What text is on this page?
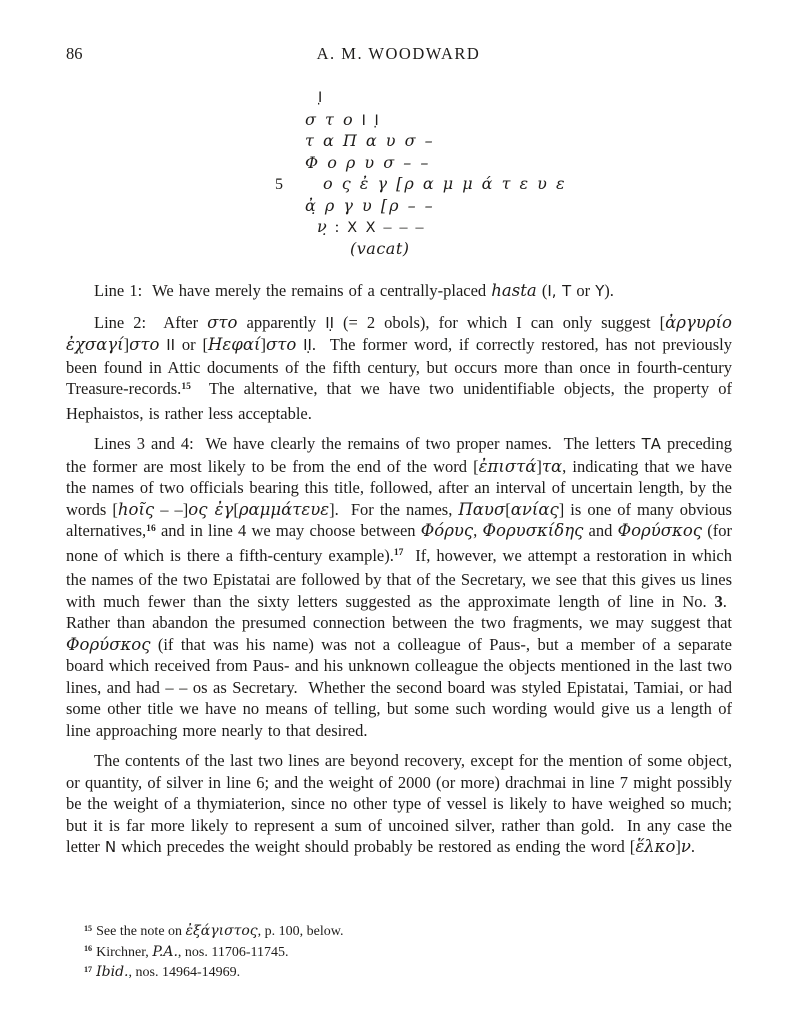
86	A. M. WOODWARD
Ι̣
σ τ ο Ι Ι̣
τ α Π α υ σ –
Φ ο ρ υ σ – –
5	ο ς ἐ γ [ρ α μ μ ά τ ε υ ε
ἀ̣ ρ γ υ [ρ – –
ν̣ : Χ Χ – – –
(vacat)

Line 1:  We have merely the remains of a centrally-placed hasta (Ι, Τ or Υ).

Line 2:  After στο apparently ΙΙ̣ (= 2 obols), for which I can only suggest [ἀργυρίο ἐχσαγί]στο ΙΙ or [Ηεφαί]στο ΙΙ̣.  The former word, if correctly restored, has not previously been found in Attic documents of the fifth century, but occurs more than once in fourth-century Treasure-records.$^{15}$  The alternative, that we have two unidentifiable objects, the property of Hephaistos, is rather less acceptable.

Lines 3 and 4:  We have clearly the remains of two proper names.  The letters ΤΑ preceding the former are most likely to be from the end of the word [ἐπιστά]τα, indicating that we have the names of two officials bearing this title, followed, after an interval of uncertain length, by the words [hοῖς – –]ος ἐγ[ραμμάτευε].  For the names, Παυσ[ανίας] is one of many obvious alternatives,$^{16}$ and in line 4 we may choose between Φόρυς, Φορυσκίδης and Φορύσκος (for none of which is there a fifth-century example).$^{17}$  If, however, we attempt a restoration in which the names of the two Epistatai are followed by that of the Secretary, we see that this gives us lines with much fewer than the sixty letters suggested as the approximate length of line in No. 3.  Rather than abandon the presumed connection between the two fragments, we may suggest that Φορύσκος (if that was his name) was not a colleague of Paus-, but a member of a separate board which received from Paus- and his unknown colleague the objects mentioned in the last two lines, and had – – os as Secretary.  Whether the second board was styled Epistatai, Tamiai, or had some other title we have no means of telling, but some such wording would give us a length of line approaching more nearly to that desired.

The contents of the last two lines are beyond recovery, except for the mention of some object, or quantity, of silver in line 6; and the weight of 2000 (or more) drachmai in line 7 might possibly be the weight of a thymiaterion, since no other type of vessel is likely to have weighed so much; but it is far more likely to represent a sum of uncoined silver, rather than gold.  In any case the letter Ν which precedes the weight should probably be restored as ending the word [ἕλκο]ν.

$^{15}$ See the note on ἐξάγιστος, p. 100, below.
$^{16}$ Kirchner, P.A., nos. 11706-11745.
$^{17}$ Ibid., nos. 14964-14969.
